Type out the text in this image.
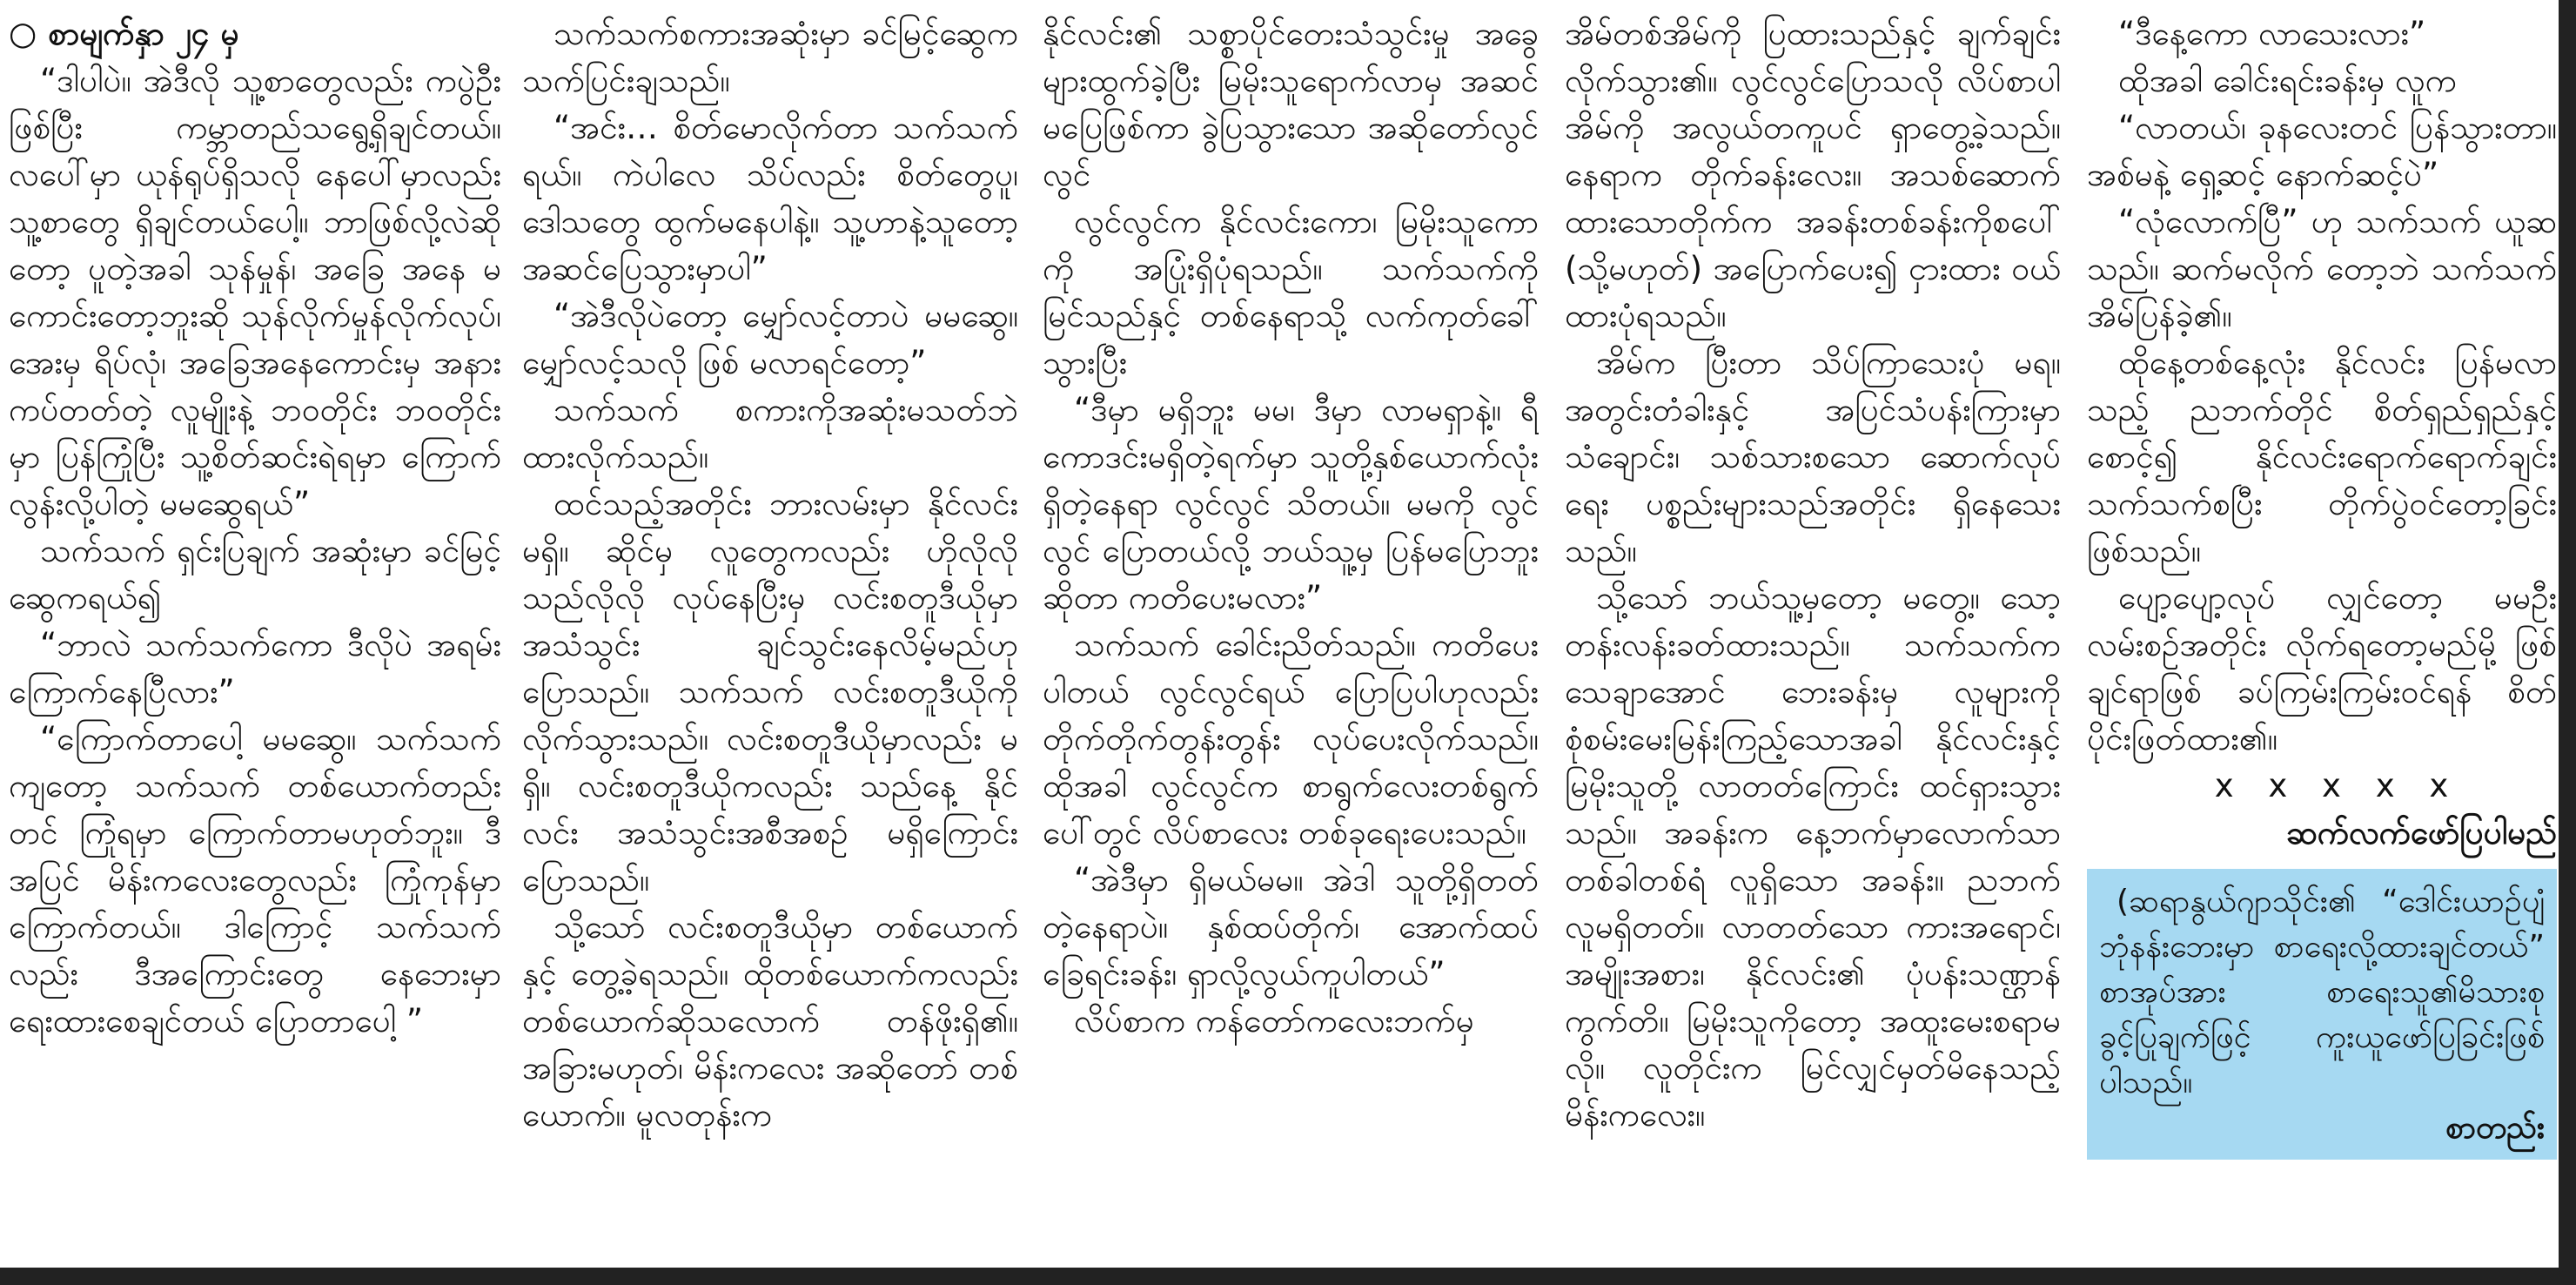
○ စာမျက်နှာ ၂၄ မှ

“ဒါပါပဲ။ အဲဒီလို သူ့စာတွေလည်း ကပွဲဦးဖြစ်ပြီး ကမ္ဘာတည်သရွေ့ရှိချင်တယ်။ လပေါ်မှာ ယုန်ရုပ်ရှိသလို နေပေါ်မှာလည်း သူ့စာတွေ ရှိချင်တယ်ပေါ့။ ဘာဖြစ်လို့လဲဆိုတော့ ပူတဲ့အခါ သုန်မှုန်၊ အခြေ အနေ မကောင်းတော့ဘူးဆို သုန်လိုက်မှုန်လိုက်လုပ်၊ အေးမှ ရိပ်လုံ၊ အခြေအနေကောင်းမှ အနားကပ်တတ်တဲ့ လူမျိုးနဲ့ ဘဝတိုင်း ဘဝတိုင်းမှာ ပြန်ကြုံပြီး သူ့စိတ်ဆင်းရဲရမှာ ကြောက်လွန်းလို့ပါတဲ့ မမဆွေရယ်”

သက်သက် ရှင်းပြချက် အဆုံးမှာ ခင်မြင့်ဆွေကရယ်၍

“ဘာလဲ သက်သက်ကော ဒီလိုပဲ အရမ်းကြောက်နေပြီလား”

“ကြောက်တာပေါ့ မမဆွေ။ သက်သက်ကျတော့ သက်သက် တစ်ယောက်တည်းတင် ကြုံရမှာ ကြောက်တာမဟုတ်ဘူး။ ဒီအပြင် မိန်းကလေးတွေလည်း ကြုံကုန်မှာ ကြောက်တယ်။ ဒါကြောင့် သက်သက်လည်း ဒီအကြောင်းတွေ နေဘေးမှာ ရေးထားစေချင်တယ် ပြောတာပေါ့ ”

သက်သက်စကားအဆုံးမှာ ခင်မြင့်ဆွေက သက်ပြင်းချသည်။

“အင်း… စိတ်မောလိုက်တာ သက်သက်ရယ်။ ကဲပါလေ သိပ်လည်း စိတ်တွေပူ၊ ဒေါသတွေ ထွက်မနေပါနဲ့။ သူ့ဟာနဲ့သူတော့ အဆင်ပြေသွားမှာပါ”

“အဲဒီလိုပဲတော့ မျှော်လင့်တာပဲ မမဆွေ။ မျှော်လင့်သလို ဖြစ် မလာရင်တော့”

သက်သက် စကားကိုအဆုံးမသတ်ဘဲ ထားလိုက်သည်။

ထင်သည့်အတိုင်း ဘားလမ်းမှာ နိုင်လင်းမရှိ။ ဆိုင်မှ လူတွေကလည်း ဟိုလိုလို သည်လိုလို လုပ်နေပြီးမှ လင်းစတူဒီယိုမှာ အသံသွင်း ချင်သွင်းနေလိမ့်မည်ဟု ပြောသည်။ သက်သက် လင်းစတူဒီယိုကို လိုက်သွားသည်။ လင်းစတူဒီယိုမှာလည်း မရှိ။ လင်းစတူဒီယိုကလည်း သည်နေ့ နိုင်လင်း အသံသွင်းအစီအစဉ် မရှိကြောင်းပြောသည်။

သို့သော် လင်းစတူဒီယိုမှာ တစ်ယောက်နှင့် တွေ့ခဲ့ရသည်။ ထိုတစ်ယောက်ကလည်း တစ်ယောက်ဆိုသလောက် တန်ဖိုးရှိ၏။ အခြားမဟုတ်၊ မိန်းကလေး အဆိုတော် တစ်ယောက်။ မူလတုန်းက

နိုင်လင်း၏ သစ္စာပိုင်တေးသံသွင်းမှု အခွေများထွက်ခဲ့ပြီး မြမိုးသူရောက်လာမှ အဆင်မပြေဖြစ်ကာ ခွဲပြသွားသော အဆိုတော်လွင်လွင်

လွင်လွင်က နိုင်လင်းကော၊ မြမိုးသူကောကို အပြုံးရှိပုံရသည်။ သက်သက်ကို မြင်သည်နှင့် တစ်နေရာသို့ လက်ကုတ်ခေါ်သွားပြီး

“ဒီမှာ မရှိဘူး မမ၊ ဒီမှာ လာမရှာနဲ့။ ရီကောဒင်းမရှိတဲ့ရက်မှာ သူတို့နှစ်ယောက်လုံးရှိတဲ့နေရာ လွင်လွင် သိတယ်။ မမကို လွင်လွင် ပြောတယ်လို့ ဘယ်သူ့မှ ပြန်မပြောဘူးဆိုတာ ကတိပေးမလား”

သက်သက် ခေါင်းညိတ်သည်။ ကတိပေးပါတယ် လွင်လွင်ရယ် ပြောပြပါဟုလည်း တိုက်တိုက်တွန်းတွန်း လုပ်ပေးလိုက်သည်။ ထိုအခါ လွင်လွင်က စာရွက်လေးတစ်ရွက်ပေါ်တွင် လိပ်စာလေး တစ်ခုရေးပေးသည်။

“အဲဒီမှာ ရှိမယ်မမ။ အဲဒါ သူတို့ရှိတတ်တဲ့နေရာပဲ။ နှစ်ထပ်တိုက်၊ အောက်ထပ် ခြေရင်းခန်း၊ ရှာလို့လွယ်ကူပါတယ်”

လိပ်စာက ကန်တော်ကလေးဘက်မှ

အိမ်တစ်အိမ်ကို ပြထားသည်နှင့် ချက်ချင်း လိုက်သွား၏။ လွင်လွင်ပြောသလို လိပ်စာပါ အိမ်ကို အလွယ်တကူပင် ရှာတွေ့ခဲ့သည်။ နေရာက တိုက်ခန်းလေး။ အသစ်ဆောက်ထားသောတိုက်က အခန်းတစ်ခန်းကိုစပေါ် (သို့မဟုတ်) အပြောက်ပေး၍ ငှားထား ဝယ်ထားပုံရသည်။

အိမ်က ပြီးတာ သိပ်ကြာသေးပုံ မရ။ အတွင်းတံခါးနှင့် အပြင်သံပန်းကြားမှာ သံချောင်း၊ သစ်သားစသော ဆောက်လုပ်ရေး ပစ္စည်းများသည်အတိုင်း ရှိနေသေးသည်။

သို့သော် ဘယ်သူ့မှတော့ မတွေ့။ သော့တန်းလန်းခတ်ထားသည်။ သက်သက်က သေချာအောင် ဘေးခန်းမှ လူများကို စုံစမ်းမေးမြန်းကြည့်သောအခါ နိုင်လင်းနှင့် မြမိုးသူတို့ လာတတ်ကြောင်း ထင်ရှားသွားသည်။ အခန်းက နေ့ဘက်မှာလောက်သာ တစ်ခါတစ်ရံ လူရှိသော အခန်း။ ညဘက် လူမရှိတတ်။ လာတတ်သော ကားအရောင်၊ အမျိုးအစား၊ နိုင်လင်း၏ ပုံပန်းသဏ္ဌာန်ကွက်တိ။ မြမိုးသူကိုတော့ အထူးမေးစရာမလို။ လူတိုင်းက မြင်လျှင်မှတ်မိနေသည့် မိန်းကလေး။

“ဒီနေ့ကော လာသေးလား”

ထိုအခါ ခေါင်းရင်းခန်းမှ လူက

“လာတယ်၊ ခုနလေးတင် ပြန်သွားတာ။ အစ်မနဲ့ ရှေ့ဆင့် နောက်ဆင့်ပဲ”

“လုံလောက်ပြီ” ဟု သက်သက် ယူဆသည်။ ဆက်မလိုက် တော့ဘဲ သက်သက် အိမ်ပြန်ခဲ့၏။

ထိုနေ့တစ်နေ့လုံး နိုင်လင်း ပြန်မလာသည့် ညဘက်တိုင် စိတ်ရှည်ရှည်နှင့် စောင့်၍ နိုင်လင်းရောက်ရောက်ချင်း သက်သက်စပြီး တိုက်ပွဲဝင်တော့ခြင်း ဖြစ်သည်။

ပျော့ပျော့လုပ် လျှင်တော့ မမဦးလမ်းစဉ်အတိုင်း လိုက်ရတော့မည်မို့ ဖြစ်ချင်ရာဖြစ် ခပ်ကြမ်းကြမ်းဝင်ရန် စိတ်ပိုင်းဖြတ်ထား၏။

x x x x x

ဆက်လက်ဖော်ပြပါမည်

(ဆရာနွယ်ဂျာသိုင်း၏ “ဒေါင်းယာဉ်ပျံ ဘုံနန်းဘေးမှာ စာရေးလို့ထားချင်တယ်” စာအုပ်အား စာရေးသူ၏မိသားစု ခွင့်ပြုချက်ဖြင့် ကူးယူဖော်ပြခြင်းဖြစ်ပါသည်။

စာတည်း
